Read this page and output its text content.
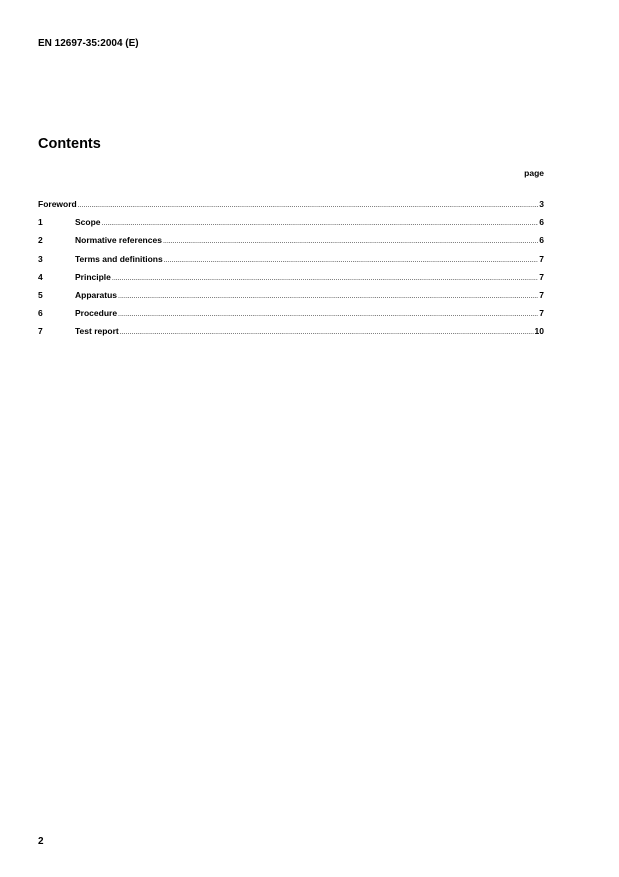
EN 12697-35:2004 (E)
Contents
page
Foreword .....	3
1	Scope .....	6
2	Normative references .....	6
3	Terms and definitions .....	7
4	Principle .....	7
5	Apparatus .....	7
6	Procedure .....	7
7	Test report .....	10
2
